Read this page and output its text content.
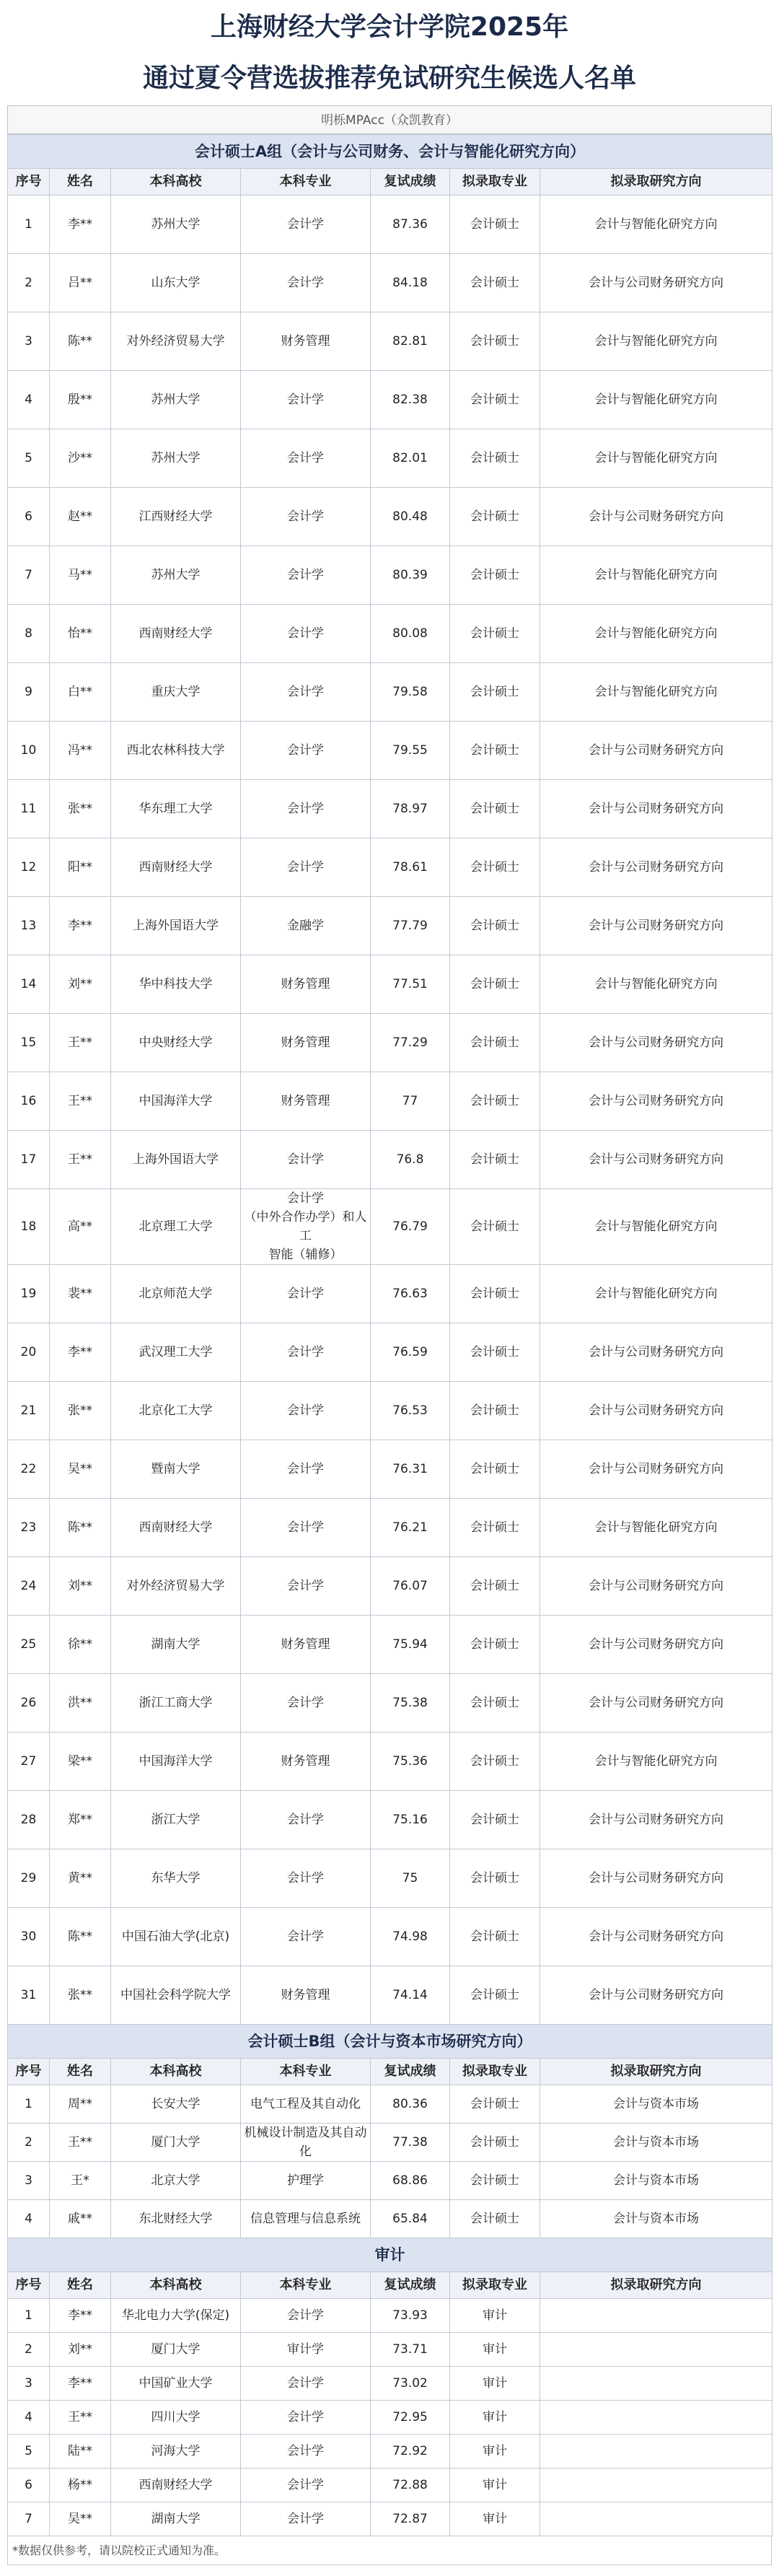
上海财经大学会计学院2025年
通过夏令营选拔推荐免试研究生候选人名单
明栎MPAcc（众凯教育）
会计硕士A组（会计与公司财务、会计与智能化研究方向）						
序号	姓名	本科高校	本科专业	复试成绩	拟录取专业	拟录取研究方向
1	李**	苏州大学	会计学	87.36	会计硕士	会计与智能化研究方向
2	吕**	山东大学	会计学	84.18	会计硕士	会计与公司财务研究方向
3	陈**	对外经济贸易大学	财务管理	82.81	会计硕士	会计与智能化研究方向
4	殷**	苏州大学	会计学	82.38	会计硕士	会计与智能化研究方向
5	沙**	苏州大学	会计学	82.01	会计硕士	会计与智能化研究方向
6	赵**	江西财经大学	会计学	80.48	会计硕士	会计与公司财务研究方向
7	马**	苏州大学	会计学	80.39	会计硕士	会计与智能化研究方向
8	怡**	西南财经大学	会计学	80.08	会计硕士	会计与智能化研究方向
9	白**	重庆大学	会计学	79.58	会计硕士	会计与智能化研究方向
10	冯**	西北农林科技大学	会计学	79.55	会计硕士	会计与公司财务研究方向
11	张**	华东理工大学	会计学	78.97	会计硕士	会计与公司财务研究方向
12	阳**	西南财经大学	会计学	78.61	会计硕士	会计与公司财务研究方向
13	李**	上海外国语大学	金融学	77.79	会计硕士	会计与公司财务研究方向
14	刘**	华中科技大学	财务管理	77.51	会计硕士	会计与智能化研究方向
15	王**	中央财经大学	财务管理	77.29	会计硕士	会计与公司财务研究方向
16	王**	中国海洋大学	财务管理	77	会计硕士	会计与公司财务研究方向
17	王**	上海外国语大学	会计学	76.8	会计硕士	会计与公司财务研究方向
18	高**	北京理工大学	会计学
（中外合作办学）和人工
智能（辅修）	76.79	会计硕士	会计与智能化研究方向
19	裴**	北京师范大学	会计学	76.63	会计硕士	会计与智能化研究方向
20	李**	武汉理工大学	会计学	76.59	会计硕士	会计与公司财务研究方向
21	张**	北京化工大学	会计学	76.53	会计硕士	会计与公司财务研究方向
22	吴**	暨南大学	会计学	76.31	会计硕士	会计与公司财务研究方向
23	陈**	西南财经大学	会计学	76.21	会计硕士	会计与智能化研究方向
24	刘**	对外经济贸易大学	会计学	76.07	会计硕士	会计与公司财务研究方向
25	徐**	湖南大学	财务管理	75.94	会计硕士	会计与公司财务研究方向
26	洪**	浙江工商大学	会计学	75.38	会计硕士	会计与公司财务研究方向
27	梁**	中国海洋大学	财务管理	75.36	会计硕士	会计与智能化研究方向
28	郑**	浙江大学	会计学	75.16	会计硕士	会计与公司财务研究方向
29	黄**	东华大学	会计学	75	会计硕士	会计与公司财务研究方向
30	陈**	中国石油大学(北京)	会计学	74.98	会计硕士	会计与公司财务研究方向
31	张**	中国社会科学院大学	财务管理	74.14	会计硕士	会计与公司财务研究方向
会计硕士B组（会计与资本市场研究方向）						
序号	姓名	本科高校	本科专业	复试成绩	拟录取专业	拟录取研究方向
1	周**	长安大学	电气工程及其自动化	80.36	会计硕士	会计与资本市场
2	王**	厦门大学	机械设计制造及其自动化	77.38	会计硕士	会计与资本市场
3	王*	北京大学	护理学	68.86	会计硕士	会计与资本市场
4	戚**	东北财经大学	信息管理与信息系统	65.84	会计硕士	会计与资本市场
审计						
序号	姓名	本科高校	本科专业	复试成绩	拟录取专业	拟录取研究方向
1	李**	华北电力大学(保定)	会计学	73.93	审计	
2	刘**	厦门大学	审计学	73.71	审计	
3	李**	中国矿业大学	会计学	73.02	审计	
4	王**	四川大学	会计学	72.95	审计	
5	陆**	河海大学	会计学	72.92	审计	
6	杨**	西南财经大学	会计学	72.88	审计	
7	吴**	湖南大学	会计学	72.87	审计	
*数据仅供参考，请以院校正式通知为准。
